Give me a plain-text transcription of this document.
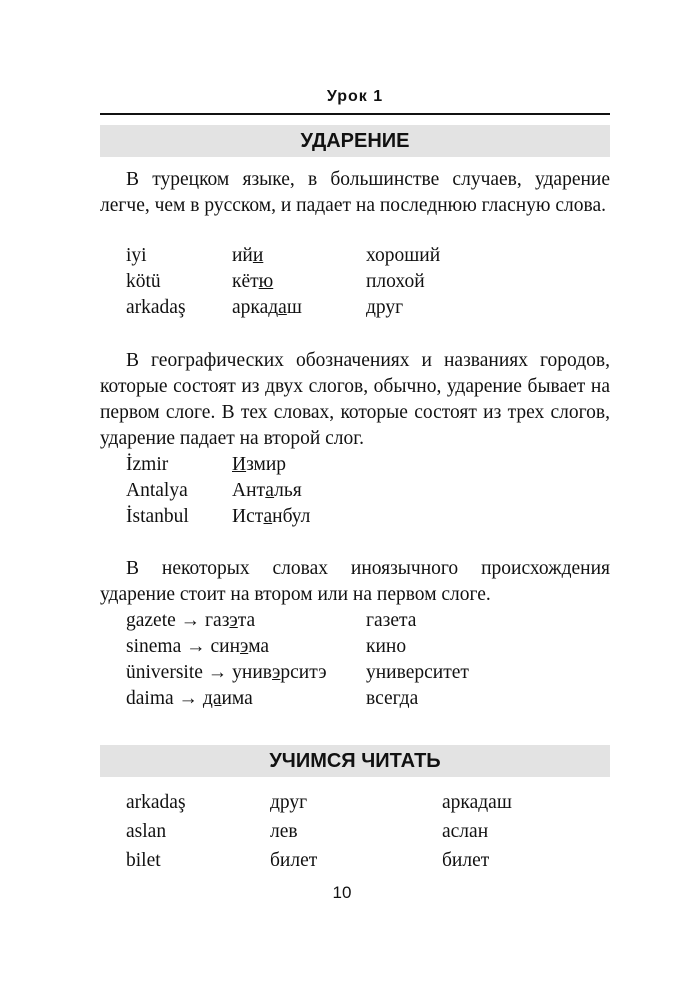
Урок 1
УДАРЕНИЕ
В турецком языке, в большинстве случаев, ударение легче, чем в русском, и падает на последнюю гласную слова.
iyi	ийи	хороший
kötü	кётю	плохой
arkadaş аркадаш	друг
В географических обозначениях и названиях городов, которые состоят из двух слогов, обычно, ударение бывает на первом слоге. В тех словах, которые состоят из трех слогов, ударение падает на второй слог.
İzmir	Измир
Antalya Анталья
İstanbul Истанбул
В некоторых словах иноязычного происхождения ударение стоит на втором или на первом слоге.
gazete → газэта	газета
sinema → синэма	кино
üniversite → унивэрситэ университет
daima → даима	всегда
УЧИМСЯ ЧИТАТЬ
arkadaş	друг	аркадаш
aslan	лев	аслан
bilet	билет	билет
10
